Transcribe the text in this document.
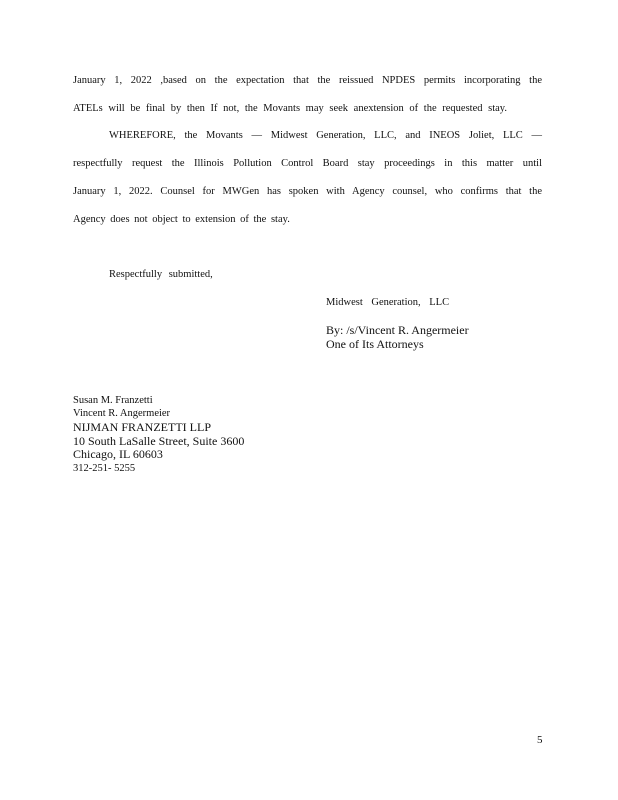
January 1, 2022 ,based on the expectation that the reissued NPDES permits incorporating the
ATELs will be final by then If not, the Movants may seek anextension of the requested stay.
WHEREFORE, the Movants — Midwest Generation, LLC, and INEOS Joliet, LLC —
respectfully request the Illinois Pollution Control Board stay proceedings in this matter until
January 1, 2022. Counsel for MWGen has spoken with Agency counsel, who confirms that the
Agency does not object to extension of the stay.
Respectfully submitted,
Midwest Generation, LLC
By: /s/Vincent R. Angermeier
One of Its Attorneys
Susan M. Franzetti
Vincent R. Angermeier
NIJMAN FRANZETTI LLP
10 South LaSalle Street, Suite 3600
Chicago, IL 60603
312-251- 5255
5
